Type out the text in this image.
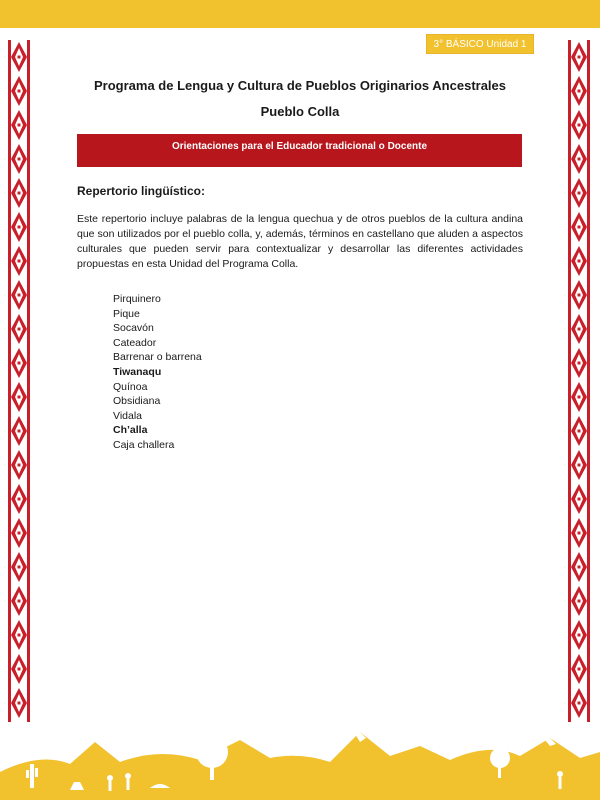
3° BÁSICO Unidad 1
Programa de Lengua y Cultura de Pueblos Originarios Ancestrales
Pueblo Colla
Orientaciones para el Educador tradicional o Docente
Repertorio lingüístico:

Este repertorio incluye palabras de la lengua quechua y de otros pueblos de la cultura andina que son utilizados por el pueblo colla, y, además, términos en castellano que aluden a aspectos culturales que pueden servir para contextualizar y desarrollar las diferentes actividades propuestas en esta Unidad del Programa Colla.

Pirquinero
Pique
Socavón
Cateador
Barrenar o barrena
Tiwanaqu
Quínoa
Obsidiana
Vidala
Ch’alla
Caja challera
